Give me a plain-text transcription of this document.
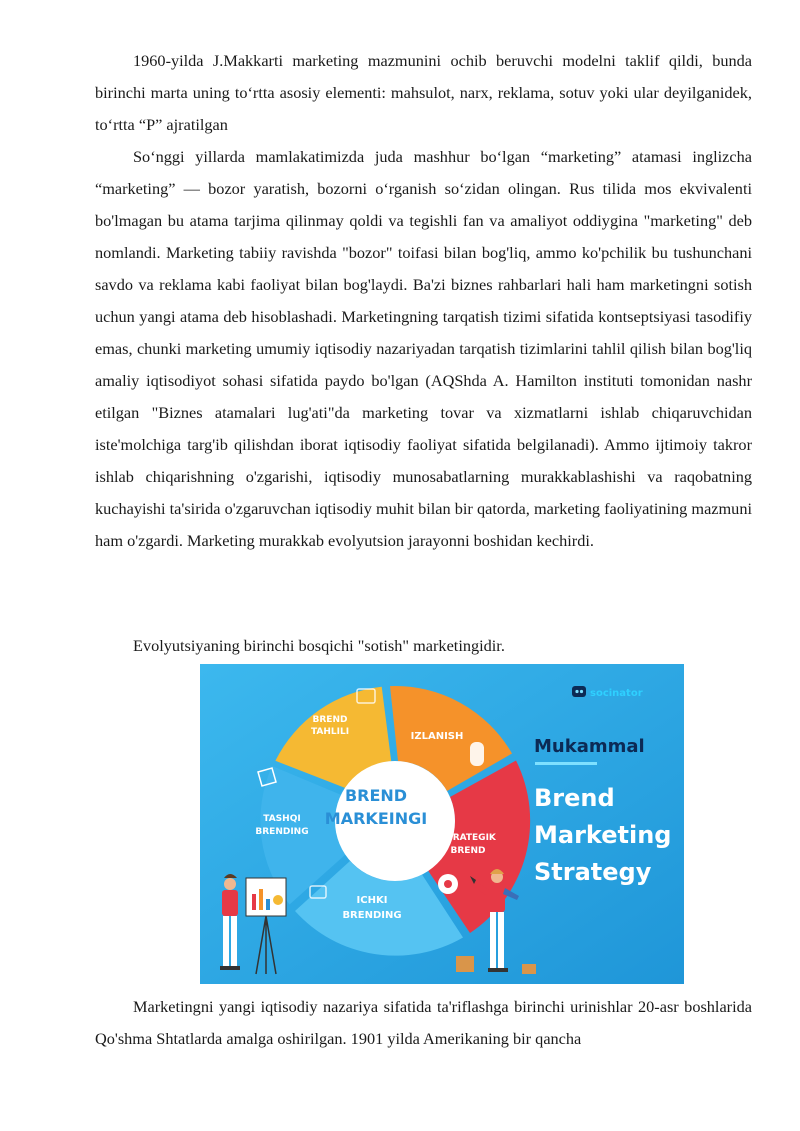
1960-yilda J.Makkarti marketing mazmunini ochib beruvchi modelni taklif qildi, bunda birinchi marta uning to‘rtta asosiy elementi: mahsulot, narx, reklama, sotuv yoki ular deyilganidek, to‘rtta “P” ajratilgan

So‘nggi yillarda mamlakatimizda juda mashhur bo‘lgan “marketing” atamasi inglizcha “marketing” — bozor yaratish, bozorni o‘rganish so‘zidan olingan. Rus tilida mos ekvivalenti bo'lmagan bu atama tarjima qilinmay qoldi va tegishli fan va amaliyot oddiygina "marketing" deb nomlandi. Marketing tabiiy ravishda "bozor" toifasi bilan bog'liq, ammo ko'pchilik bu tushunchani savdo va reklama kabi faoliyat bilan bog'laydi. Ba'zi biznes rahbarlari hali ham marketingni sotish uchun yangi atama deb hisoblashadi. Marketingning tarqatish tizimi sifatida kontseptsiyasi tasodifiy emas, chunki marketing umumiy iqtisodiy nazariyadan tarqatish tizimlarini tahlil qilish bilan bog'liq amaliy iqtisodiyot sohasi sifatida paydo bo'lgan (AQShda A. Hamilton instituti tomonidan nashr etilgan "Biznes atamalari lug'ati"da marketing tovar va xizmatlarni ishlab chiqaruvchidan iste'molchiga targ'ib qilishdan iborat iqtisodiy faoliyat sifatida belgilanadi). Ammo ijtimoiy takror ishlab chiqarishning o'zgarishi, iqtisodiy munosabatlarning murakkablashishi va raqobatning kuchayishi ta'sirida o'zgaruvchan iqtisodiy muhit bilan bir qatorda, marketing faoliyatining mazmuni ham o'zgardi. Marketing murakkab evolyutsion jarayonni boshidan kechirdi.

Evolyutsiyaning birinchi bosqichi "sotish" marketingidir.

BREND
TAHLILI	IZLANISH
STRATEGIK
BREND
ICHKI
BRENDING
TASHQI
BRENDING
BREND
MARKEINGI
socinator
Mukammal
Brend
Marketing
Strategy

Marketingni yangi iqtisodiy nazariya sifatida ta'riflashga birinchi urinishlar 20-asr boshlarida Qo'shma Shtatlarda amalga oshirilgan. 1901 yilda Amerikaning bir qancha
